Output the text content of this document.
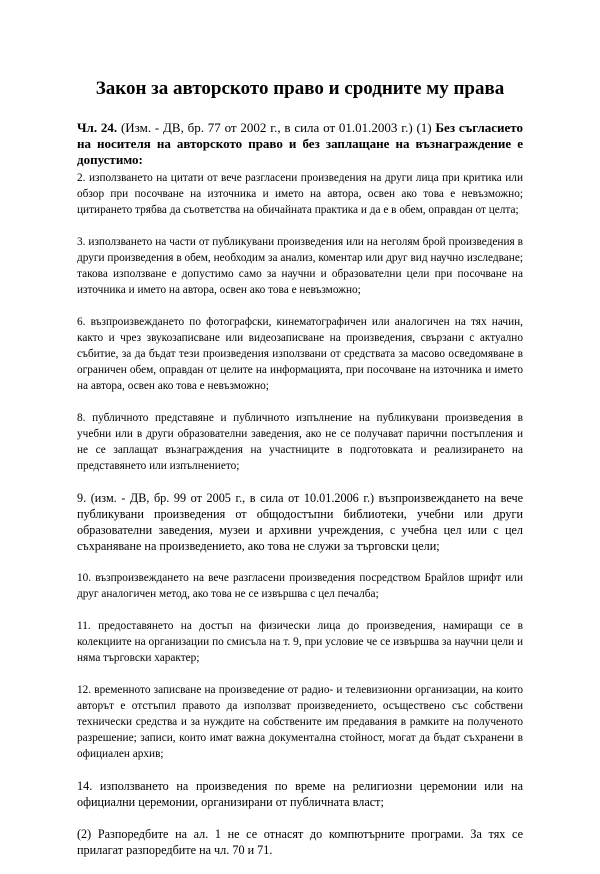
Закон за авторското право и сродните му права
Чл. 24. (Изм. - ДВ, бр. 77 от 2002 г., в сила от 01.01.2003 г.) (1) Без съгласието на носителя на авторското право и без заплащане на възнаграждение е допустимо:

2. използването на цитати от вече разгласени произведения на други лица при критика или обзор при посочване на източника и името на автора, освен ако това е невъзможно; цитирането трябва да съответства на обичайната практика и да е в обем, оправдан от целта;

3. използването на части от публикувани произведения или на неголям брой произведения в други произведения в обем, необходим за анализ, коментар или друг вид научно изследване; такова използване е допустимо само за научни и образователни цели при посочване на източника и името на автора, освен ако това е невъзможно;

6. възпроизвеждането по фотографски, кинематографичен или аналогичен на тях начин, както и чрез звукозаписване или видеозаписване на произведения, свързани с актуално събитие, за да бъдат тези произведения използвани от средствата за масово осведомяване в ограничен обем, оправдан от целите на информацията, при посочване на източника и името на автора, освен ако това е невъзможно;

8. публичното представяне и публичното изпълнение на публикувани произведения в учебни или в други образователни заведения, ако не се получават парични постъпления и не се заплащат възнаграждения на участниците в подготовката и реализирането на представянето или изпълнението;

9. (изм. - ДВ, бр. 99 от 2005 г., в сила от 10.01.2006 г.) възпроизвеждането на вече публикувани произведения от общодостъпни библиотеки, учебни или други образователни заведения, музеи и архивни учреждения, с учебна цел или с цел съхраняване на произведението, ако това не служи за търговски цели;

10. възпроизвеждането на вече разгласени произведения посредством Брайлов шрифт или друг аналогичен метод, ако това не се извършва с цел печалба;

11. предоставянето на достъп на физически лица до произведения, намиращи се в колекциите на организации по смисъла на т. 9, при условие че се извършва за научни цели и няма търговски характер;

12. временното записване на произведение от радио- и телевизионни организации, на които авторът е отстъпил правото да използват произведението, осъществено със собствени технически средства и за нуждите на собствените им предавания в рамките на полученото разрешение; записи, които имат важна документална стойност, могат да бъдат съхранени в официален архив;

14. използването на произведения по време на религиозни церемонии или на официални церемонии, организирани от публичната власт;

(2) Разпоредбите на ал. 1 не се отнасят до компютърните програми. За тях се прилагат разпоредбите на чл. 70 и 71.
